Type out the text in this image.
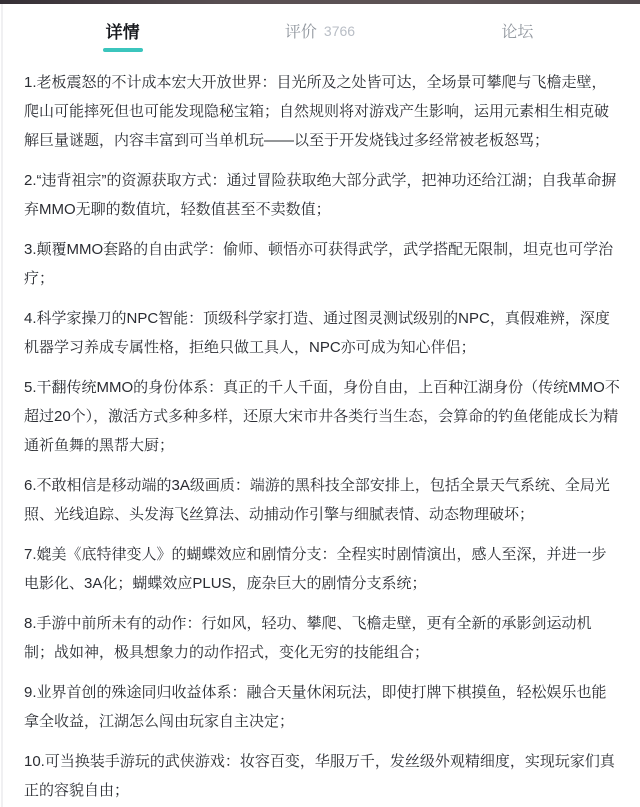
详情	评价 3766	论坛

1.老板震怒的不计成本宏大开放世界：目光所及之处皆可达，全场景可攀爬与飞檐走壁，爬山可能摔死但也可能发现隐秘宝箱；自然规则将对游戏产生影响，运用元素相生相克破解巨量谜题，内容丰富到可当单机玩——以至于开发烧钱过多经常被老板怒骂；

2.“违背祖宗”的资源获取方式：通过冒险获取绝大部分武学，把神功还给江湖；自我革命摒弃MMO无聊的数值坑，轻数值甚至不卖数值；

3.颠覆MMO套路的自由武学：偷师、顿悟亦可获得武学，武学搭配无限制，坦克也可学治疗；

4.科学家操刀的NPC智能：顶级科学家打造、通过图灵测试级别的NPC，真假难辨，深度机器学习养成专属性格，拒绝只做工具人，NPC亦可成为知心伴侣；

5.干翻传统MMO的身份体系：真正的千人千面，身份自由，上百种江湖身份（传统MMO不超过20个），激活方式多种多样，还原大宋市井各类行当生态，会算命的钓鱼佬能成长为精通祈鱼舞的黑帮大厨；

6.不敢相信是移动端的3A级画质：端游的黑科技全部安排上，包括全景天气系统、全局光照、光线追踪、头发海飞丝算法、动捕动作引擎与细腻表情、动态物理破坏；

7.媲美《底特律变人》的蝴蝶效应和剧情分支：全程实时剧情演出，感人至深，并进一步电影化、3A化；蝴蝶效应PLUS，庞杂巨大的剧情分支系统；

8.手游中前所未有的动作：行如风，轻功、攀爬、飞檐走壁，更有全新的承影剑运动机制；战如神，极具想象力的动作招式，变化无穷的技能组合；

9.业界首创的殊途同归收益体系：融合天量休闲玩法，即使打牌下棋摸鱼，轻松娱乐也能拿全收益，江湖怎么闯由玩家自主决定；

10.可当换装手游玩的武侠游戏：妆容百变，华服万千，发丝级外观精细度，实现玩家们真正的容貌自由；
